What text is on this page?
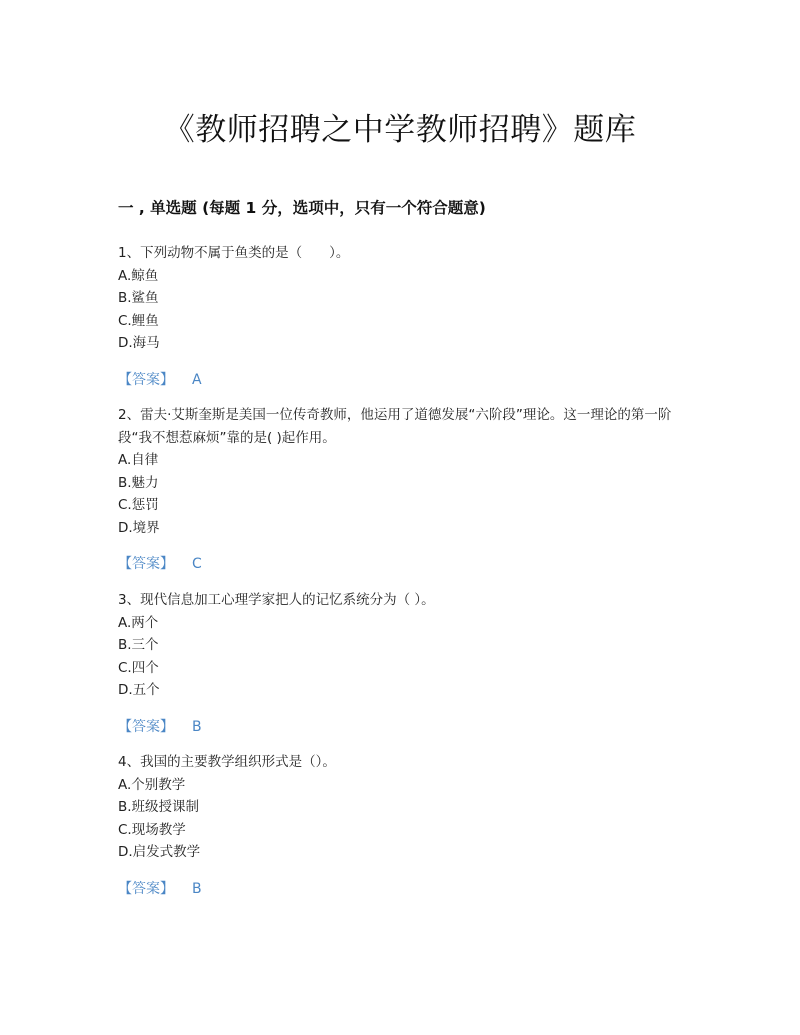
《教师招聘之中学教师招聘》题库
一 , 单选题 (每题 1 分，选项中，只有一个符合题意)

1、下列动物不属于鱼类的是（　　）。

A.鲸鱼
B.鲨鱼
C.鲤鱼
D.海马
【答案】 A

2、雷夫·艾斯奎斯是美国一位传奇教师，他运用了道德发展“六阶段”理论。这一理论的第一阶段“我不想惹麻烦”靠的是( )起作用。

A.自律
B.魅力
C.惩罚
D.境界
【答案】 C

3、现代信息加工心理学家把人的记忆系统分为（ ）。

A.两个
B.三个
C.四个
D.五个
【答案】 B

4、我国的主要教学组织形式是（）。

A.个别教学
B.班级授课制
C.现场教学
D.启发式教学
【答案】 B
